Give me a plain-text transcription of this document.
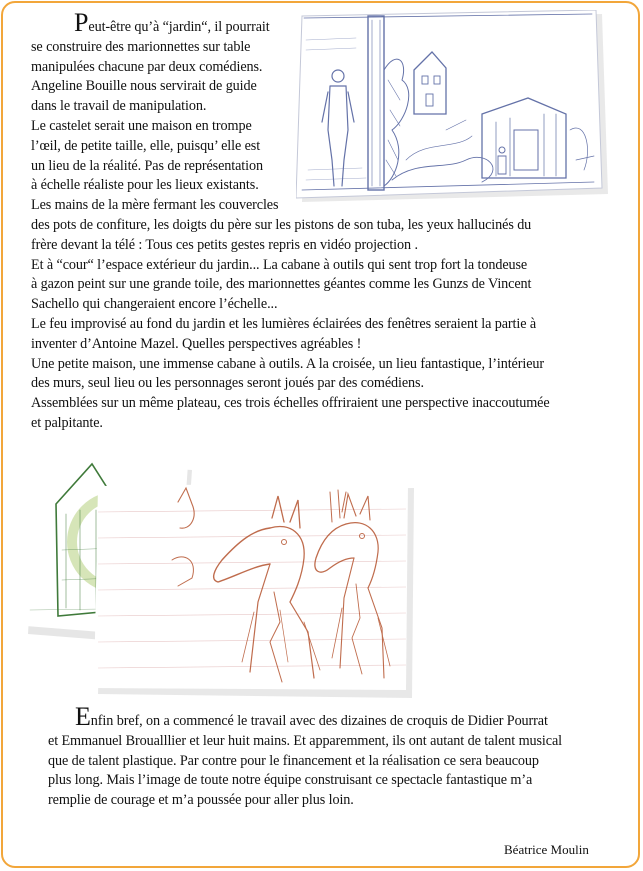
Peut-être qu’à “jardin“, il pourrait
se construire des marionnettes sur table
manipulées chacune par deux comédiens.
Angeline Bouille nous servirait de guide
dans le travail de manipulation.
Le castelet serait une maison en trompe
l’œil, de petite taille, elle, puisqu’ elle est
un lieu de la réalité. Pas de représentation
à échelle réaliste pour les lieux existants.
Les mains de la mère fermant les couvercles
des pots de confiture, les doigts du père sur les pistons de son tuba, les yeux hallucinés du
frère devant la télé : Tous ces petits gestes repris en vidéo projection .
Et à “cour“ l’espace extérieur du jardin... La cabane à outils qui sent trop fort la tondeuse
à gazon peint sur une grande toile, des marionnettes géantes comme les Gunzs de Vincent
Sachello qui changeraient encore l’échelle...
Le feu improvisé au fond du jardin et les lumières éclairées des fenêtres seraient la partie à
inventer d’Antoine Mazel. Quelles perspectives agréables !
Une petite maison, une immense cabane à outils. A la croisée, un lieu fantastique, l’intérieur
des murs, seul lieu ou les personnages seront joués par des comédiens.
Assemblées sur un même plateau, ces trois échelles offriraient une perspective inaccoutumée
et palpitante.
Enfin bref, on a commencé le travail avec des dizaines de croquis de Didier Pourrat
et Emmanuel Broualllier et leur huit mains. Et apparemment, ils ont autant de talent musical
que de talent plastique. Par contre pour le financement et la réalisation ce sera beaucoup
plus long. Mais l’image de toute notre équipe construisant ce spectacle fantastique m’a
remplie de courage et m’a poussée pour aller plus loin.
Béatrice Moulin
